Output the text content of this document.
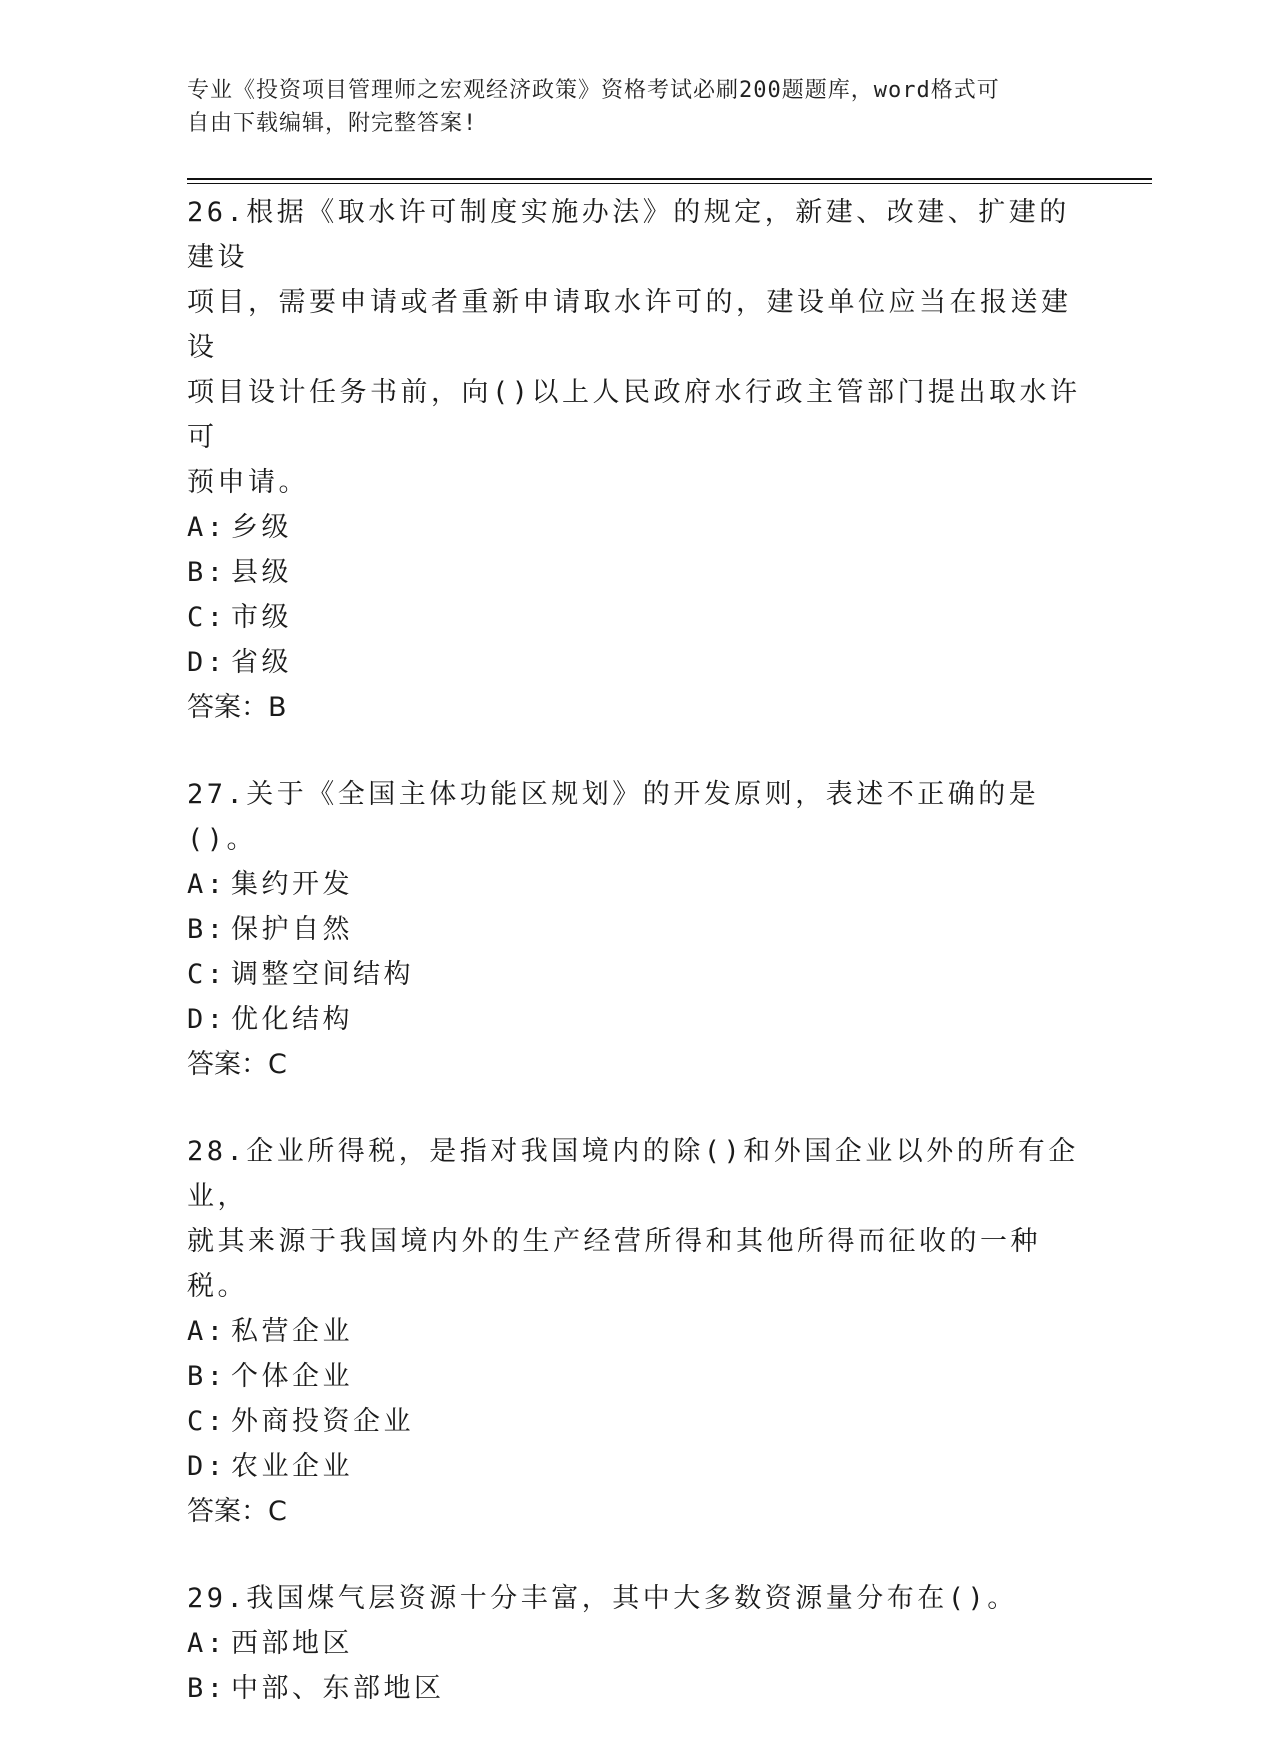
专业《投资项目管理师之宏观经济政策》资格考试必刷200题题库，word格式可
自由下载编辑，附完整答案!

26.根据《取水许可制度实施办法》的规定，新建、改建、扩建的建设
项目，需要申请或者重新申请取水许可的，建设单位应当在报送建设
项目设计任务书前，向()以上人民政府水行政主管部门提出取水许可
预申请。

A: 乡级
B: 县级
C: 市级
D: 省级

答案：B

27.关于《全国主体功能区规划》的开发原则，表述不正确的是()。

A: 集约开发
B: 保护自然
C: 调整空间结构
D: 优化结构

答案：C

28.企业所得税，是指对我国境内的除()和外国企业以外的所有企业，
就其来源于我国境内外的生产经营所得和其他所得而征收的一种税。

A: 私营企业
B: 个体企业
C: 外商投资企业
D: 农业企业

答案：C

29.我国煤气层资源十分丰富，其中大多数资源量分布在()。

A: 西部地区
B: 中部、东部地区
